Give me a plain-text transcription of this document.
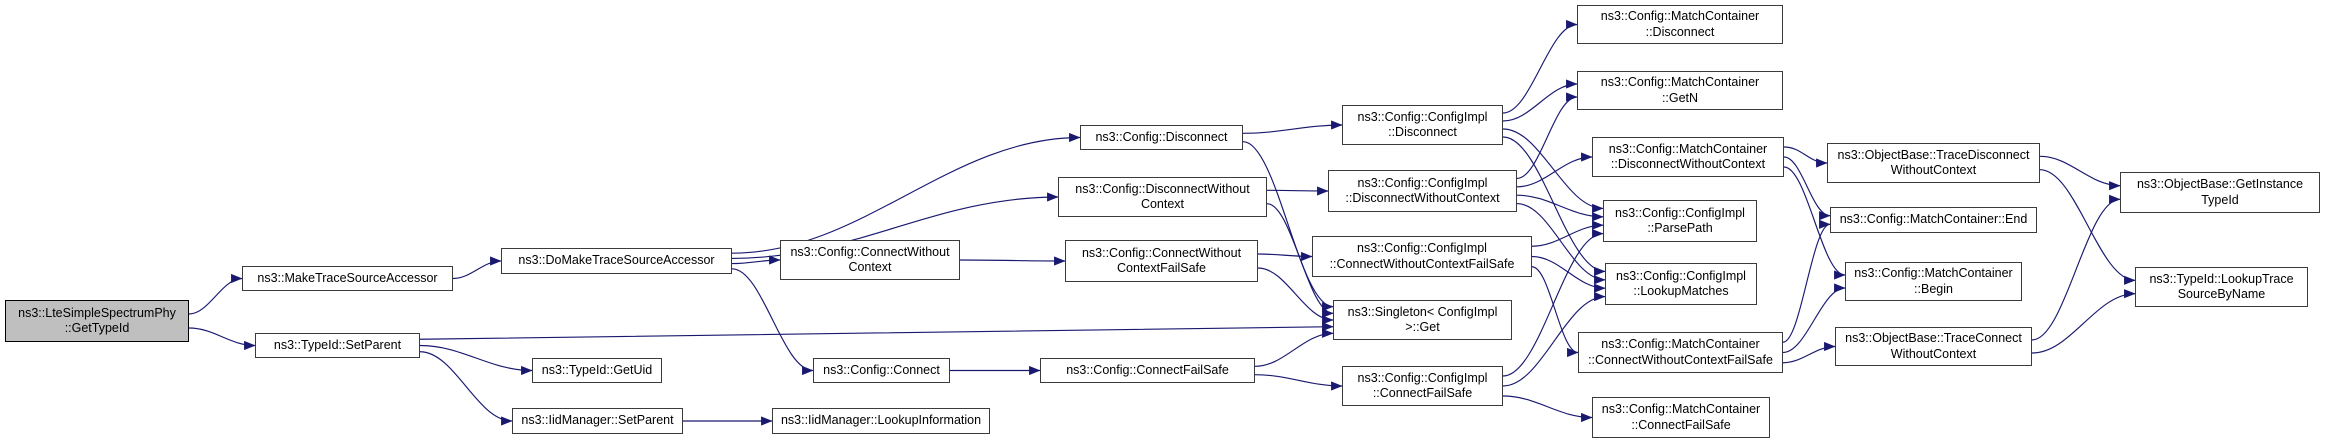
ns3::LteSimpleSpectrumPhy
::GetTypeId
ns3::MakeTraceSourceAccessor
ns3::TypeId::SetParent
ns3::DoMakeTraceSourceAccessor
ns3::TypeId::GetUid
ns3::IidManager::SetParent	ns3::IidManager::LookupInformation
ns3::Config::ConnectWithout
Context
ns3::Config::Connect	ns3::Config::ConnectFailSafe
ns3::Config::Disconnect
ns3::Config::DisconnectWithout
Context
ns3::Config::ConnectWithout
ContextFailSafe
ns3::Config::ConfigImpl
::Disconnect
ns3::Config::ConfigImpl
::DisconnectWithoutContext
ns3::Config::ConfigImpl
::ConnectWithoutContextFailSafe
ns3::Singleton< ConfigImpl
>::Get
ns3::Config::ConfigImpl
::ConnectFailSafe
ns3::Config::MatchContainer
::Disconnect
ns3::Config::MatchContainer
::GetN
ns3::Config::MatchContainer
::DisconnectWithoutContext
ns3::Config::ConfigImpl
::ParsePath
ns3::Config::ConfigImpl
::LookupMatches
ns3::Config::MatchContainer
::ConnectWithoutContextFailSafe
ns3::Config::MatchContainer
::ConnectFailSafe
ns3::ObjectBase::TraceDisconnect
WithoutContext
ns3::Config::MatchContainer::End
ns3::Config::MatchContainer
::Begin
ns3::ObjectBase::TraceConnect
WithoutContext
ns3::ObjectBase::GetInstance
TypeId
ns3::TypeId::LookupTrace
SourceByName
